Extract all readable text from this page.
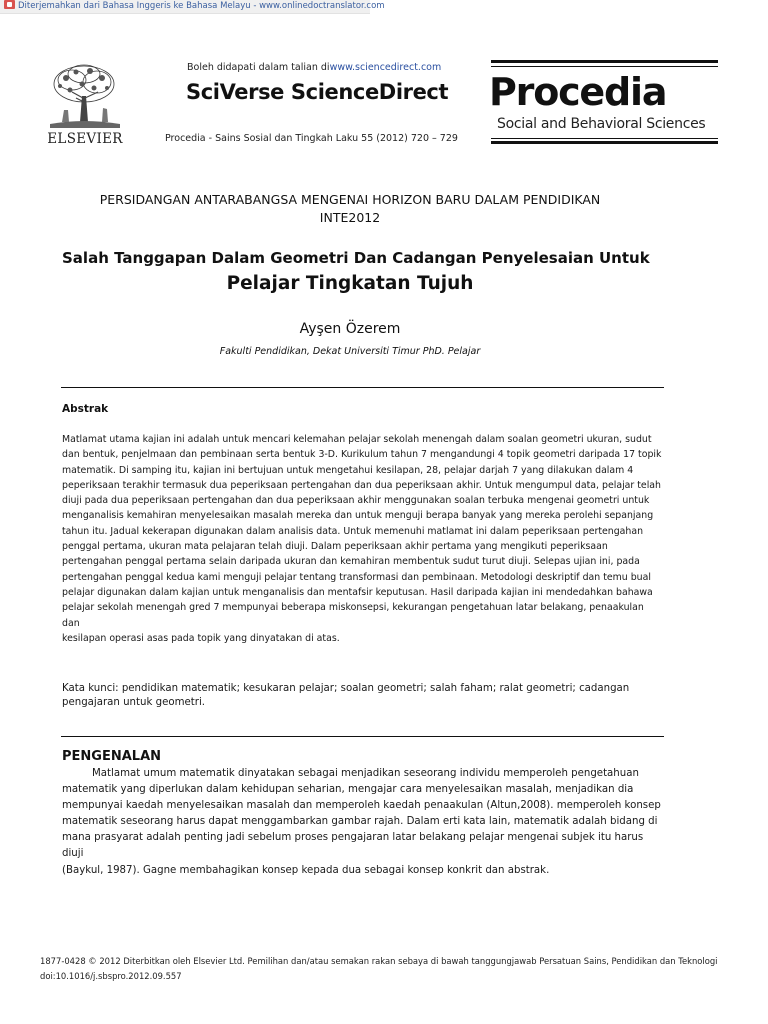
Diterjemahkan dari Bahasa Inggeris ke Bahasa Melayu - www.onlinedoctranslator.com
ELSEVIER
Boleh didapati dalam talian diwww.sciencedirect.com
SciVerse ScienceDirect
Procedia - Sains Sosial dan Tingkah Laku 55 (2012) 720 – 729
Procedia
Social and Behavioral Sciences
PERSIDANGAN ANTARABANGSA MENGENAI HORIZON BARU DALAM PENDIDIKAN
INTE2012
Salah Tanggapan Dalam Geometri Dan Cadangan Penyelesaian Untuk
Pelajar Tingkatan Tujuh
Ayşen Özerem
Fakulti Pendidikan, Dekat Universiti Timur PhD. Pelajar
Abstrak
Matlamat utama kajian ini adalah untuk mencari kelemahan pelajar sekolah menengah dalam soalan geometri ukuran, sudut
dan bentuk, penjelmaan dan pembinaan serta bentuk 3-D. Kurikulum tahun 7 mengandungi 4 topik geometri daripada 17 topik
matematik. Di samping itu, kajian ini bertujuan untuk mengetahui kesilapan, 28, pelajar darjah 7 yang dilakukan dalam 4
peperiksaan terakhir termasuk dua peperiksaan pertengahan dan dua peperiksaan akhir. Untuk mengumpul data, pelajar telah
diuji pada dua peperiksaan pertengahan dan dua peperiksaan akhir menggunakan soalan terbuka mengenai geometri untuk
menganalisis kemahiran menyelesaikan masalah mereka dan untuk menguji berapa banyak yang mereka perolehi sepanjang
tahun itu. Jadual kekerapan digunakan dalam analisis data. Untuk memenuhi matlamat ini dalam peperiksaan pertengahan
penggal pertama, ukuran mata pelajaran telah diuji. Dalam peperiksaan akhir pertama yang mengikuti peperiksaan
pertengahan penggal pertama selain daripada ukuran dan kemahiran membentuk sudut turut diuji. Selepas ujian ini, pada
pertengahan penggal kedua kami menguji pelajar tentang transformasi dan pembinaan. Metodologi deskriptif dan temu bual
pelajar digunakan dalam kajian untuk menganalisis dan mentafsir keputusan. Hasil daripada kajian ini mendedahkan bahawa
pelajar sekolah menengah gred 7 mempunyai beberapa miskonsepsi, kekurangan pengetahuan latar belakang, penaakulan dan
kesilapan operasi asas pada topik yang dinyatakan di atas.
Kata kunci: pendidikan matematik; kesukaran pelajar; soalan geometri; salah faham; ralat geometri; cadangan
pengajaran untuk geometri.
PENGENALAN

Matlamat umum matematik dinyatakan sebagai menjadikan seseorang individu memperoleh pengetahuan

matematik yang diperlukan dalam kehidupan seharian, mengajar cara menyelesaikan masalah, menjadikan dia
mempunyai kaedah menyelesaikan masalah dan memperoleh kaedah penaakulan (Altun,2008). memperoleh konsep
matematik seseorang harus dapat menggambarkan gambar rajah. Dalam erti kata lain, matematik adalah bidang di
mana prasyarat adalah penting jadi sebelum proses pengajaran latar belakang pelajar mengenai subjek itu harus diuji
(Baykul, 1987). Gagne membahagikan konsep kepada dua sebagai konsep konkrit dan abstrak.
1877-0428 © 2012 Diterbitkan oleh Elsevier Ltd. Pemilihan dan/atau semakan rakan sebaya di bawah tanggungjawab Persatuan Sains, Pendidikan dan Teknologi
doi:10.1016/j.sbspro.2012.09.557
